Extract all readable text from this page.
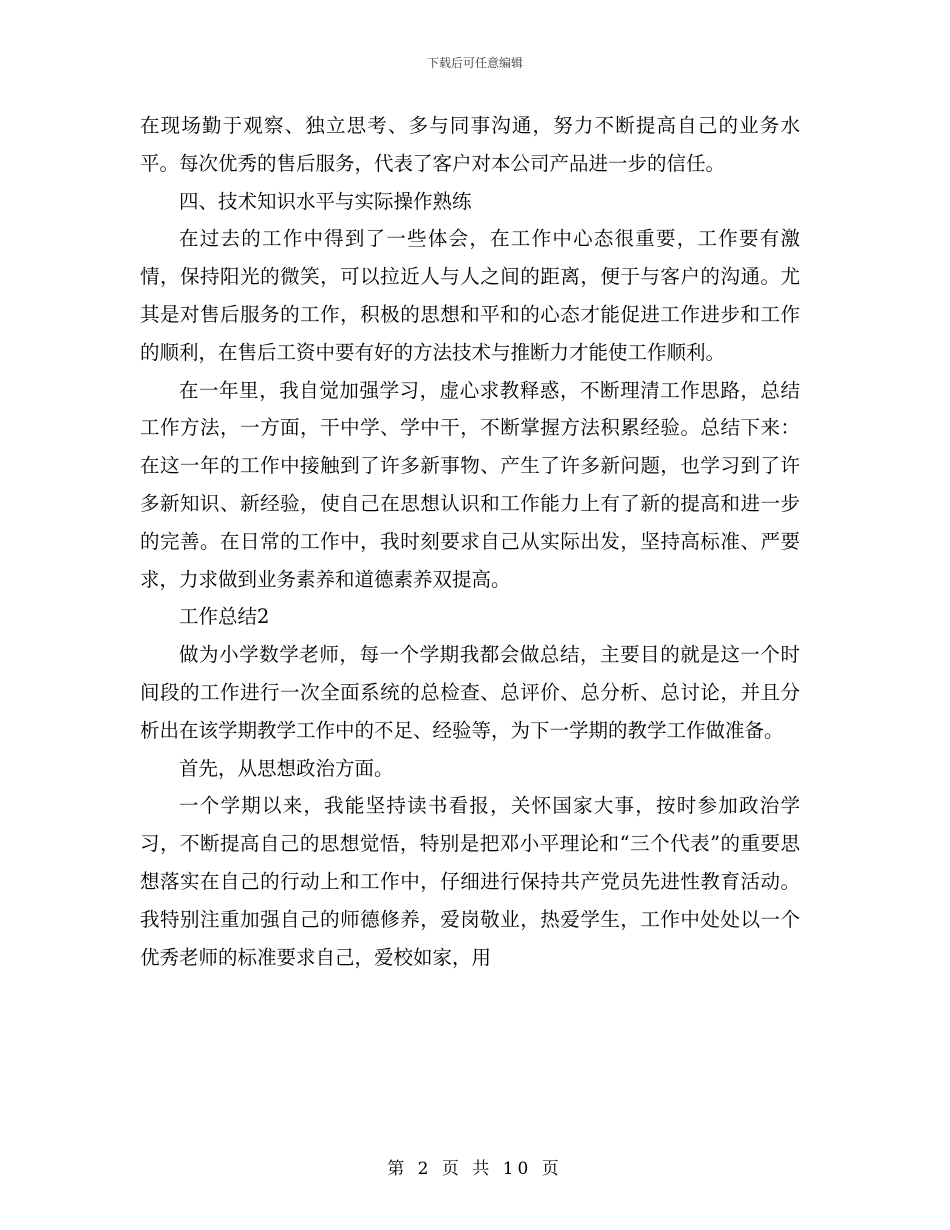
下载后可任意编辑

在现场勤于观察、独立思考、多与同事沟通，努力不断提高自己的业务水平。每次优秀的售后服务，代表了客户对本公司产品进一步的信任。

四、技术知识水平与实际操作熟练

在过去的工作中得到了一些体会，在工作中心态很重要，工作要有激情，保持阳光的微笑，可以拉近人与人之间的距离，便于与客户的沟通。尤其是对售后服务的工作，积极的思想和平和的心态才能促进工作进步和工作的顺利，在售后工资中要有好的方法技术与推断力才能使工作顺利。

在一年里，我自觉加强学习，虚心求教释惑，不断理清工作思路，总结工作方法，一方面，干中学、学中干，不断掌握方法积累经验。总结下来：在这一年的工作中接触到了许多新事物、产生了许多新问题，也学习到了许多新知识、新经验，使自己在思想认识和工作能力上有了新的提高和进一步的完善。在日常的工作中，我时刻要求自己从实际出发，坚持高标准、严要求，力求做到业务素养和道德素养双提高。

工作总结2

做为小学数学老师，每一个学期我都会做总结，主要目的就是这一个时间段的工作进行一次全面系统的总检查、总评价、总分析、总讨论，并且分析出在该学期教学工作中的不足、经验等，为下一学期的教学工作做准备。

首先，从思想政治方面。

一个学期以来，我能坚持读书看报，关怀国家大事，按时参加政治学习，不断提高自己的思想觉悟，特别是把邓小平理论和“三个代表”的重要思想落实在自己的行动上和工作中，仔细进行保持共产党员先进性教育活动。我特别注重加强自己的师德修养，爱岗敬业，热爱学生，工作中处处以一个优秀老师的标准要求自己，爱校如家，用

第 2 页 共 10 页
